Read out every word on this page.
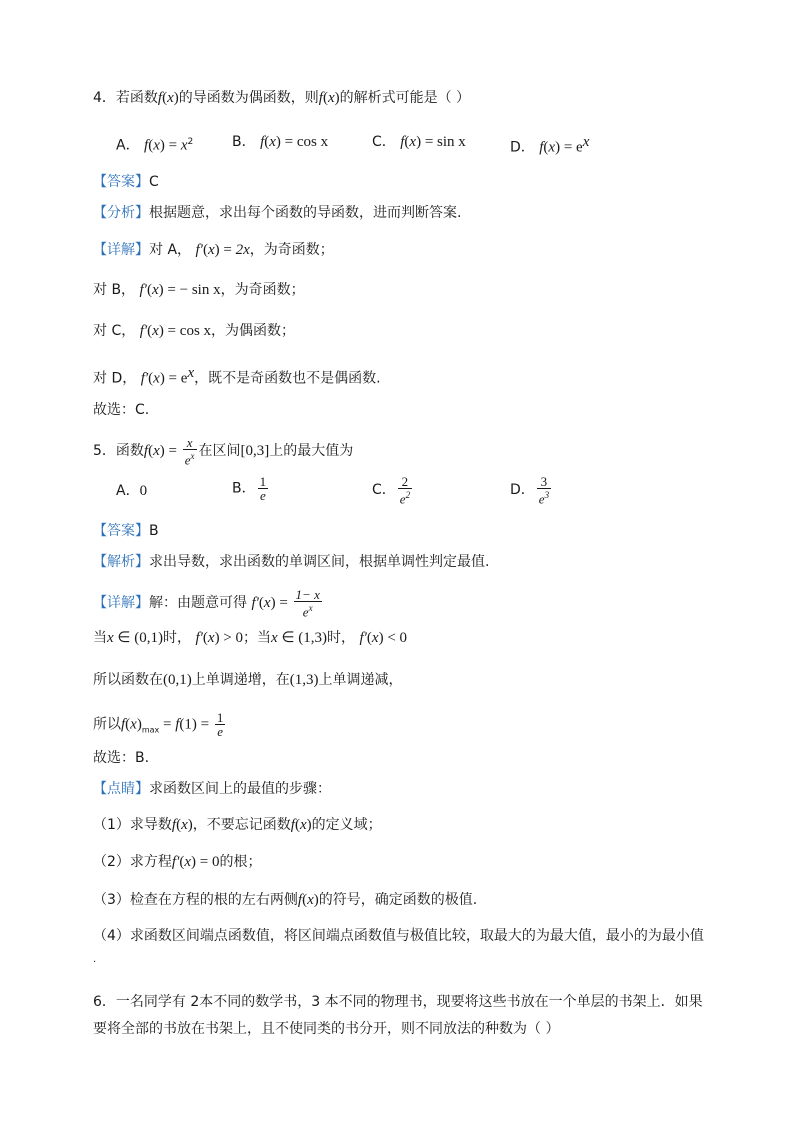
4．若函数f(x)的导函数为偶函数，则f(x)的解析式可能是（ ）
A． $f(x) = x^2$	B． f(x) = cos x	C． f(x) = sin x	D． $f(x) = e^x$
【答案】C
【分析】根据题意，求出每个函数的导函数，进而判断答案.
【详解】对 A， f′(x) = 2x，为奇函数；
对 B， f′(x) = − sin x，为奇函数；
对 C， f′(x) = cos x，为偶函数；
对 D， $f'(x) = e^x$，既不是奇函数也不是偶函数.
故选：C.
5．函数$f(x) = \frac{x}{e^x}$ 在区间[0,3]上的最大值为
A．0	B． $\frac{1}{e}$	C． $\frac{2}{e^2}$	D． $\frac{3}{e^3}$
【答案】B
【解析】求出导数，求出函数的单调区间，根据单调性判定最值.
【详解】解：由题意可得 $f'(x) = \frac{1- x}{e^x}$
当x ∈ (0,1)时， f′(x) > 0；当x ∈ (1,3)时， f′(x) < 0
所以函数在(0,1)上单调递增，在(1,3)上单调递减，
所以$f(x)_{max} = f(1) = \frac{1}{e}$
故选：B.
【点睛】求函数区间上的最值的步骤：
（1）求导数f(x)，不要忘记函数f(x)的定义域；
（2）求方程f′(x) = 0的根；
（3）检查在方程的根的左右两侧f(x)的符号，确定函数的极值.
（4）求函数区间端点函数值，将区间端点函数值与极值比较，取最大的为最大值，最小的为最小值
.
6．一名同学有 2本不同的数学书，3 本不同的物理书，现要将这些书放在一个单层的书架上．如果
要将全部的书放在书架上，且不使同类的书分开，则不同放法的种数为（ ）
